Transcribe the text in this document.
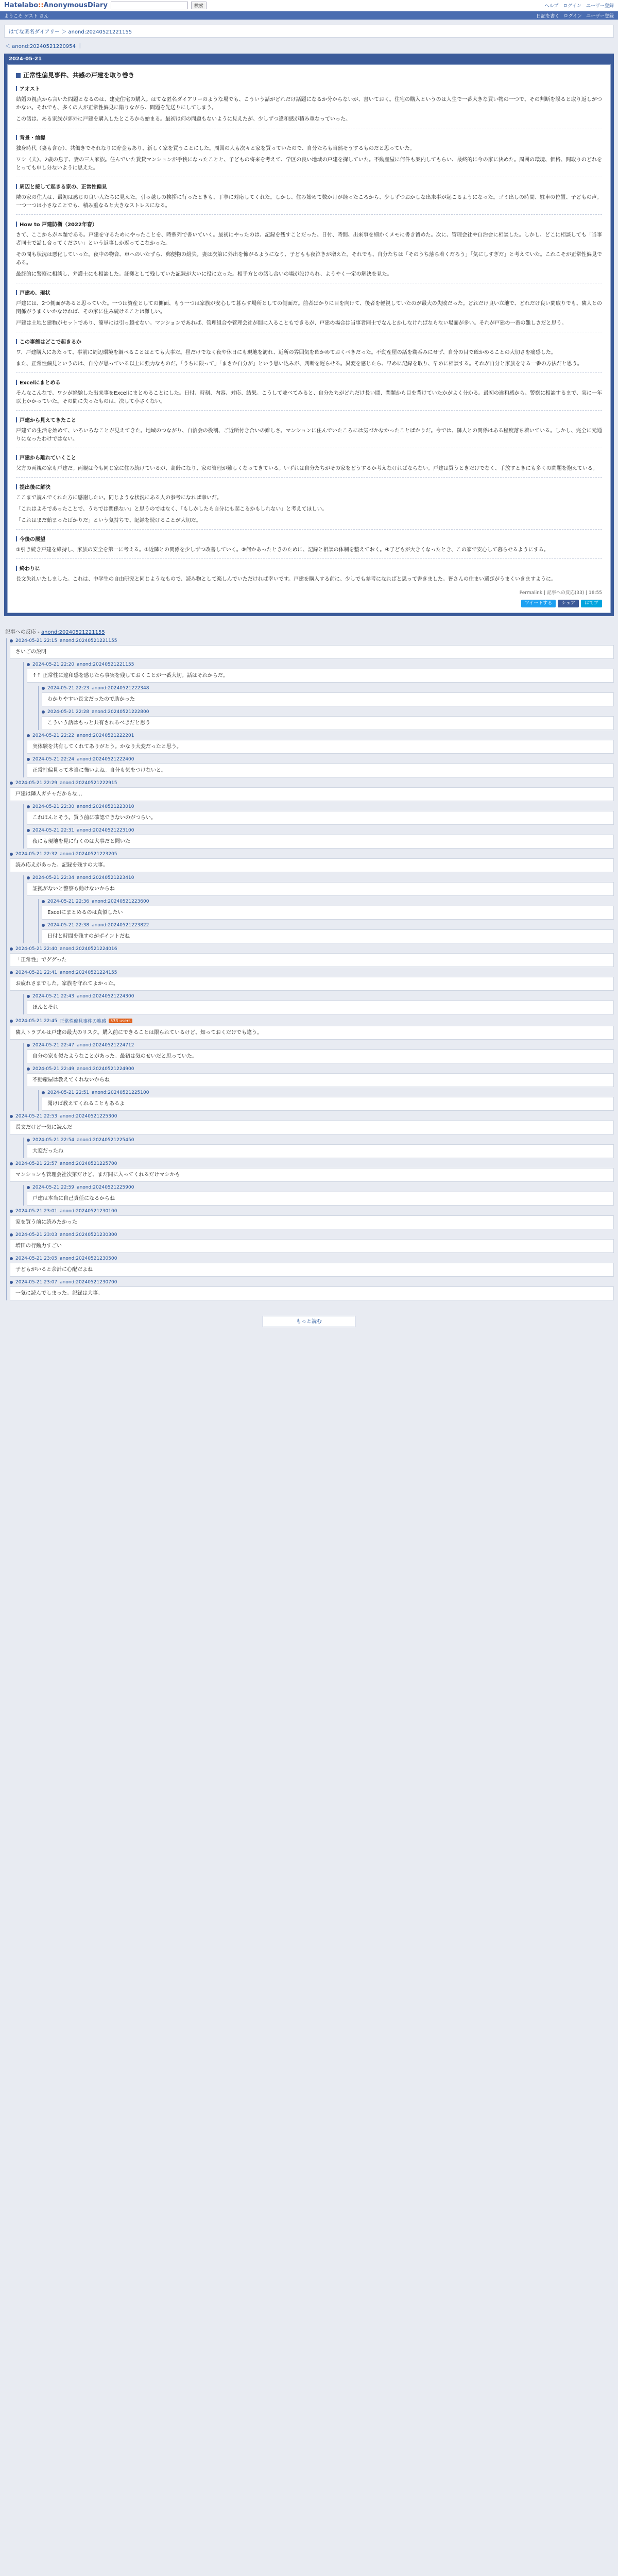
Hatelabo::AnonymousDiary	検索	ヘルプ ログイン ユーザー登録
ようこそ ゲスト さん	日記を書く ログイン ユーザー登録
はてな匿名ダイアリー ＞ anond:20240521221155
＜ anond:20240521220954 ｜
2024-05-21
正常性偏見事件、共感の戸建を取り巻き
アオスト

結婚の視点から言いた問題となるのは、建売住宅の購入。はてな匿名ダイアリーのような場でも、こういう話がどれだけ話題になるか分からないが、書いておく。住宅の購入というのは人生で一番大きな買い物の一つで、その判断を誤ると取り返しがつかない。それでも、多くの人が正常性偏見に陥りながら、問題を先送りにしてしまう。

この話は、ある家族が郊外に戸建を購入したところから始まる。最初は何の問題もないように見えたが、少しずつ違和感が積み重なっていった。

背景・前提

独身時代（妻も含む）、共働きでそれなりに貯金もあり、新しく家を買うことにした。周囲の人も次々と家を買っていたので、自分たちも当然そうするものだと思っていた。

ワシ（夫）、2歳の息子、妻の三人家族。住んでいた賃貸マンションが手狭になったことと、子どもの将来を考えて、学区の良い地域の戸建を探していた。不動産屋に何件も案内してもらい、最終的に今の家に決めた。周囲の環境、価格、間取りのどれをとっても申し分ないように思えた。

周辺と接して起きる家の、正常性偏見

隣の家の住人は、最初は感じの良い人たちに見えた。引っ越しの挨拶に行ったときも、丁寧に対応してくれた。しかし、住み始めて数か月が経ったころから、少しずつおかしな出来事が起こるようになった。ゴミ出しの時間、駐車の位置、子どもの声。一つ一つは小さなことでも、積み重なると大きなストレスになる。

How to 戸建防衛（2022年春）

さて、ここからが本題である。戸建を守るためにやったことを、時系列で書いていく。最初にやったのは、記録を残すことだった。日付、時間、出来事を細かくメモに書き留めた。次に、管理会社や自治会に相談した。しかし、どこに相談しても「当事者同士で話し合ってください」という返事しか返ってこなかった。

その間も状況は悪化していった。夜中の物音、車へのいたずら、郵便物の紛失。妻は次第に外出を怖がるようになり、子どもも夜泣きが増えた。それでも、自分たちは「そのうち落ち着くだろう」「気にしすぎだ」と考えていた。これこそが正常性偏見である。

最終的に警察に相談し、弁護士にも相談した。証拠として残していた記録が大いに役に立った。相手方との話し合いの場が設けられ、ようやく一定の解決を見た。

戸建め、現状

戸建には、2つ側面があると思っていた。一つは資産としての側面、もう一つは家族が安心して暮らす場所としての側面だ。前者ばかりに目を向けて、後者を軽視していたのが最大の失敗だった。どれだけ良い立地で、どれだけ良い間取りでも、隣人との関係がうまくいかなければ、その家に住み続けることは難しい。

戸建は土地と建物がセットであり、簡単には引っ越せない。マンションであれば、管理組合や管理会社が間に入ることもできるが、戸建の場合は当事者同士でなんとかしなければならない場面が多い。それが戸建の一番の難しさだと思う。

この事態はどこで起きるか

ワ、戸建購入にあたって、事前に周辺環境を調べることはとても大事だ。昼だけでなく夜や休日にも現地を訪れ、近所の雰囲気を確かめておくべきだった。不動産屋の話を鵜呑みにせず、自分の目で確かめることの大切さを痛感した。

また、正常性偏見というのは、自分が思っている以上に強力なものだ。「うちに限って」「まさか自分が」という思い込みが、判断を遅らせる。異変を感じたら、早めに記録を取り、早めに相談する。それが自分と家族を守る一番の方法だと思う。

Excelにまとめる

そんなこんなで、ワシが経験した出来事をExcelにまとめることにした。日付、時刻、内容、対応、結果。こうして並べてみると、自分たちがどれだけ長い間、問題から目を背けていたかがよく分かる。最初の違和感から、警察に相談するまで、実に一年以上かかっていた。その間に失ったものは、決して小さくない。

戸建から見えてきたこと

戸建ての生活を始めて、いろいろなことが見えてきた。地域のつながり、自治会の役割、ご近所付き合いの難しさ。マンションに住んでいたころには気づかなかったことばかりだ。今では、隣人との関係はある程度落ち着いている。しかし、完全に元通りになったわけではない。

戸建から離れていくこと

父方の両親の家も戸建だ。両親は今も同じ家に住み続けているが、高齢になり、家の管理が難しくなってきている。いずれは自分たちがその家をどうするか考えなければならない。戸建は買うときだけでなく、手放すときにも多くの問題を抱えている。

提出後に解決

ここまで読んでくれた方に感謝したい。同じような状況にある人の参考になれば幸いだ。

「これはよそであったことで、うちでは関係ない」と思うのではなく、「もしかしたら自分にも起こるかもしれない」と考えてほしい。

「これはまだ始まったばかりだ」という気持ちで、記録を続けることが大切だ。

今後の展望

①引き続き戸建を維持し、家族の安全を第一に考える。②近隣との関係を少しずつ改善していく。③何かあったときのために、記録と相談の体制を整えておく。④子どもが大きくなったとき、この家で安心して暮らせるようにする。

終わりに

長文失礼いたしました。これは、中学生の自由研究と同じようなもので、読み物として楽しんでいただければ幸いです。戸建を購入する前に、少しでも参考になればと思って書きました。皆さんの住まい選びがうまくいきますように。

Permalink | 記事への反応(33) | 18:55
ツイートする	シェア	はてブ
記事への反応 - anond:20240521221155
2024-05-21 22:15 anond:20240521221155
さいごの説明
2024-05-21 22:20 anond:20240521221155
↑↑ 正常性に違和感を感じたら事実を残しておくことが一番大切。話はそれからだ。
2024-05-21 22:23 anond:20240521222348
わかりやすい長文だったので助かった
2024-05-21 22:28 anond:20240521222800
こういう話はもっと共有されるべきだと思う
2024-05-21 22:22 anond:20240521222201
実体験を共有してくれてありがとう。かなり大変だったと思う。
2024-05-21 22:24 anond:20240521222400
正常性偏見って本当に怖いよね。自分も気をつけないと。
2024-05-21 22:29 anond:20240521222915
戸建は隣人ガチャだからな…
2024-05-21 22:30 anond:20240521223010
これほんとそう。買う前に確認できないのがつらい。
2024-05-21 22:31 anond:20240521223100
夜にも現地を見に行くのは大事だと聞いた
2024-05-21 22:32 anond:20240521223205
読み応えがあった。記録を残すの大事。
2024-05-21 22:34 anond:20240521223410
証拠がないと警察も動けないからね
2024-05-21 22:36 anond:20240521223600
Excelにまとめるのは真似したい
2024-05-21 22:38 anond:20240521223822
日付と時間を残すのがポイントだね
2024-05-21 22:40 anond:20240521224016
「正常性」でググった
2024-05-21 22:41 anond:20240521224155
お疲れさまでした。家族を守れてよかった。
2024-05-21 22:43 anond:20240521224300
ほんとそれ
2024-05-21 22:45 正常性偏見事件の雑感	533 users
隣人トラブルは戸建の最大のリスク。購入前にできることは限られているけど、知っておくだけでも違う。
2024-05-21 22:47 anond:20240521224712
自分の家も似たようなことがあった。最初は気のせいだと思っていた。
2024-05-21 22:49 anond:20240521224900
不動産屋は教えてくれないからね
2024-05-21 22:51 anond:20240521225100
聞けば教えてくれることもあるよ
2024-05-21 22:53 anond:20240521225300
長文だけど一気に読んだ
2024-05-21 22:54 anond:20240521225450
大変だったね
2024-05-21 22:57 anond:20240521225700
マンションも管理会社次第だけど、まだ間に入ってくれるだけマシかも
2024-05-21 22:59 anond:20240521225900
戸建は本当に自己責任になるからね
2024-05-21 23:01 anond:20240521230100
家を買う前に読みたかった
2024-05-21 23:03 anond:20240521230300
増田の行動力すごい
2024-05-21 23:05 anond:20240521230500
子どもがいると余計に心配だよね
2024-05-21 23:07 anond:20240521230700
一気に読んでしまった。記録は大事。
もっと読む
